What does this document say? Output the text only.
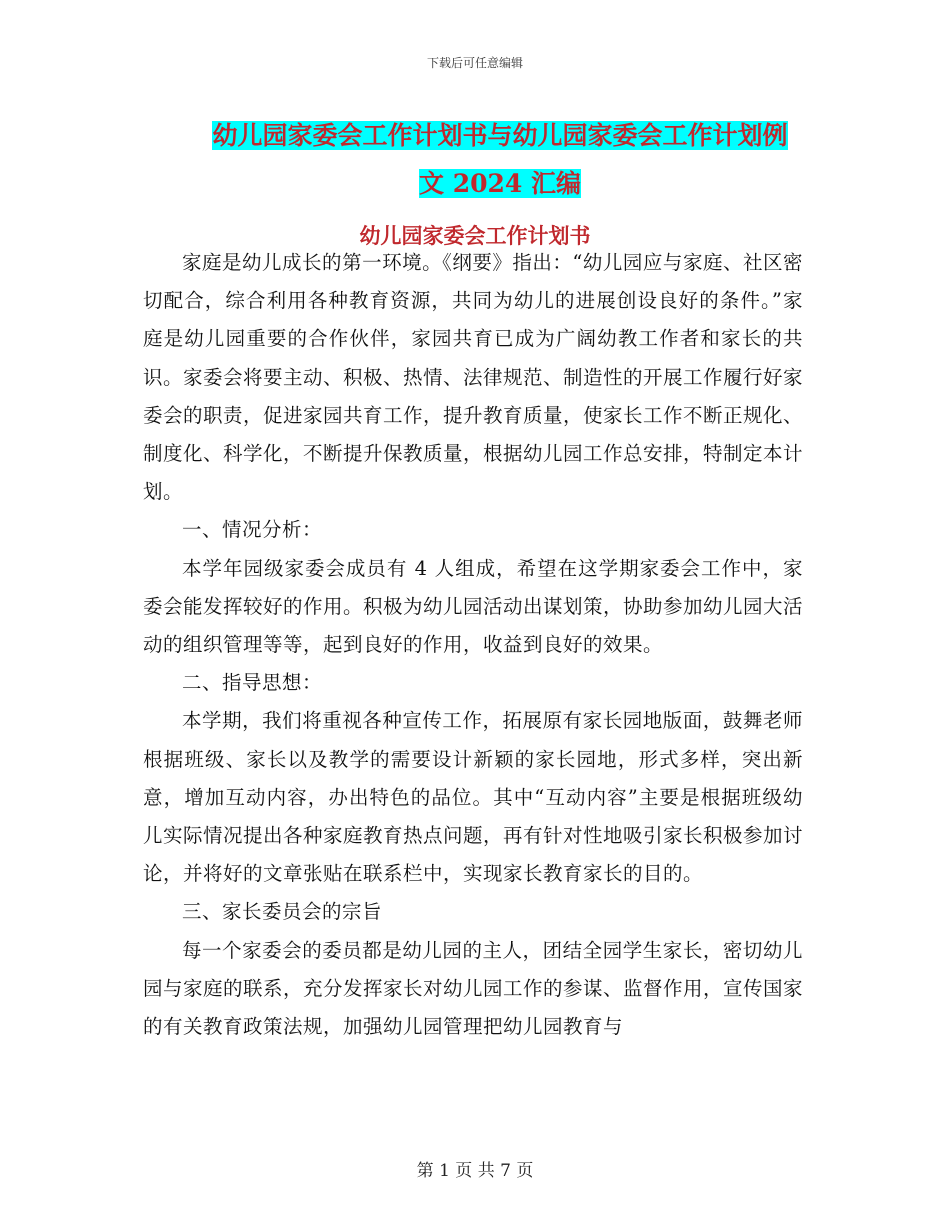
下载后可任意编辑
幼儿园家委会工作计划书与幼儿园家委会工作计划例
文 2024 汇编
幼儿园家委会工作计划书

家庭是幼儿成长的第一环境。《纲要》指出：“幼儿园应与家庭、社区密切配合，综合利用各种教育资源，共同为幼儿的进展创设良好的条件。”家庭是幼儿园重要的合作伙伴，家园共育已成为广阔幼教工作者和家长的共识。家委会将要主动、积极、热情、法律规范、制造性的开展工作履行好家委会的职责，促进家园共育工作，提升教育质量，使家长工作不断正规化、制度化、科学化，不断提升保教质量，根据幼儿园工作总安排，特制定本计划。

一、情况分析：

本学年园级家委会成员有 4 人组成，希望在这学期家委会工作中，家委会能发挥较好的作用。积极为幼儿园活动出谋划策，协助参加幼儿园大活动的组织管理等等，起到良好的作用，收益到良好的效果。

二、指导思想：

本学期，我们将重视各种宣传工作，拓展原有家长园地版面，鼓舞老师根据班级、家长以及教学的需要设计新颖的家长园地，形式多样，突出新意，增加互动内容，办出特色的品位。其中“互动内容”主要是根据班级幼儿实际情况提出各种家庭教育热点问题，再有针对性地吸引家长积极参加讨论，并将好的文章张贴在联系栏中，实现家长教育家长的目的。

三、家长委员会的宗旨

每一个家委会的委员都是幼儿园的主人，团结全园学生家长，密切幼儿园与家庭的联系，充分发挥家长对幼儿园工作的参谋、监督作用，宣传国家的有关教育政策法规，加强幼儿园管理把幼儿园教育与

第 1 页 共 7 页
